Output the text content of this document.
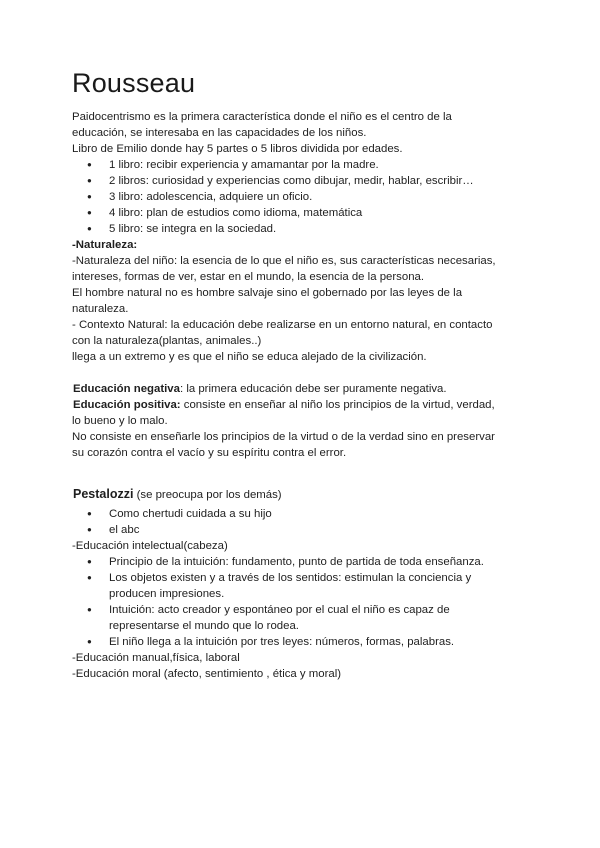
Rousseau

Paidocentrismo es la primera característica donde el niño es el centro de la

educación, se interesaba en las capacidades de los niños.

Libro de Emilio donde hay 5 partes o 5 libros dividida por edades.

● 1 libro: recibir experiencia y amamantar por la madre.
● 2 libros: curiosidad y experiencias como dibujar, medir, hablar, escribir…
● 3 libro: adolescencia, adquiere un oficio.
● 4 libro: plan de estudios como idioma, matemática
● 5 libro: se integra en la sociedad.

-Naturaleza:

-Naturaleza del niño: la esencia de lo que el niño es, sus características necesarias,

intereses, formas de ver, estar en el mundo, la esencia de la persona.

El hombre natural no es hombre salvaje sino el gobernado por las leyes de la

naturaleza.

- Contexto Natural: la educación debe realizarse en un entorno natural, en contacto

con la naturaleza(plantas, animales..)

llega a un extremo y es que el niño se educa alejado de la civilización.

Educación negativa: la primera educación debe ser puramente negativa.

Educación positiva: consiste en enseñar al niño los principios de la virtud, verdad,

lo bueno y lo malo.

No consiste en enseñarle los principios de la virtud o de la verdad sino en preservar

su corazón contra el vacío y su espíritu contra el error.

Pestalozzi (se preocupa por los demás)

● Como chertudi cuidada a su hijo
● el abc

-Educación intelectual(cabeza)

● Principio de la intuición: fundamento, punto de partida de toda enseñanza.
● Los objetos existen y a través de los sentidos: estimulan la conciencia y
producen impresiones.
● Intuición: acto creador y espontáneo por el cual el niño es capaz de
representarse el mundo que lo rodea.
● El niño llega a la intuición por tres leyes: números, formas, palabras.

-Educación manual,física, laboral

-Educación moral (afecto, sentimiento , ética y moral)
